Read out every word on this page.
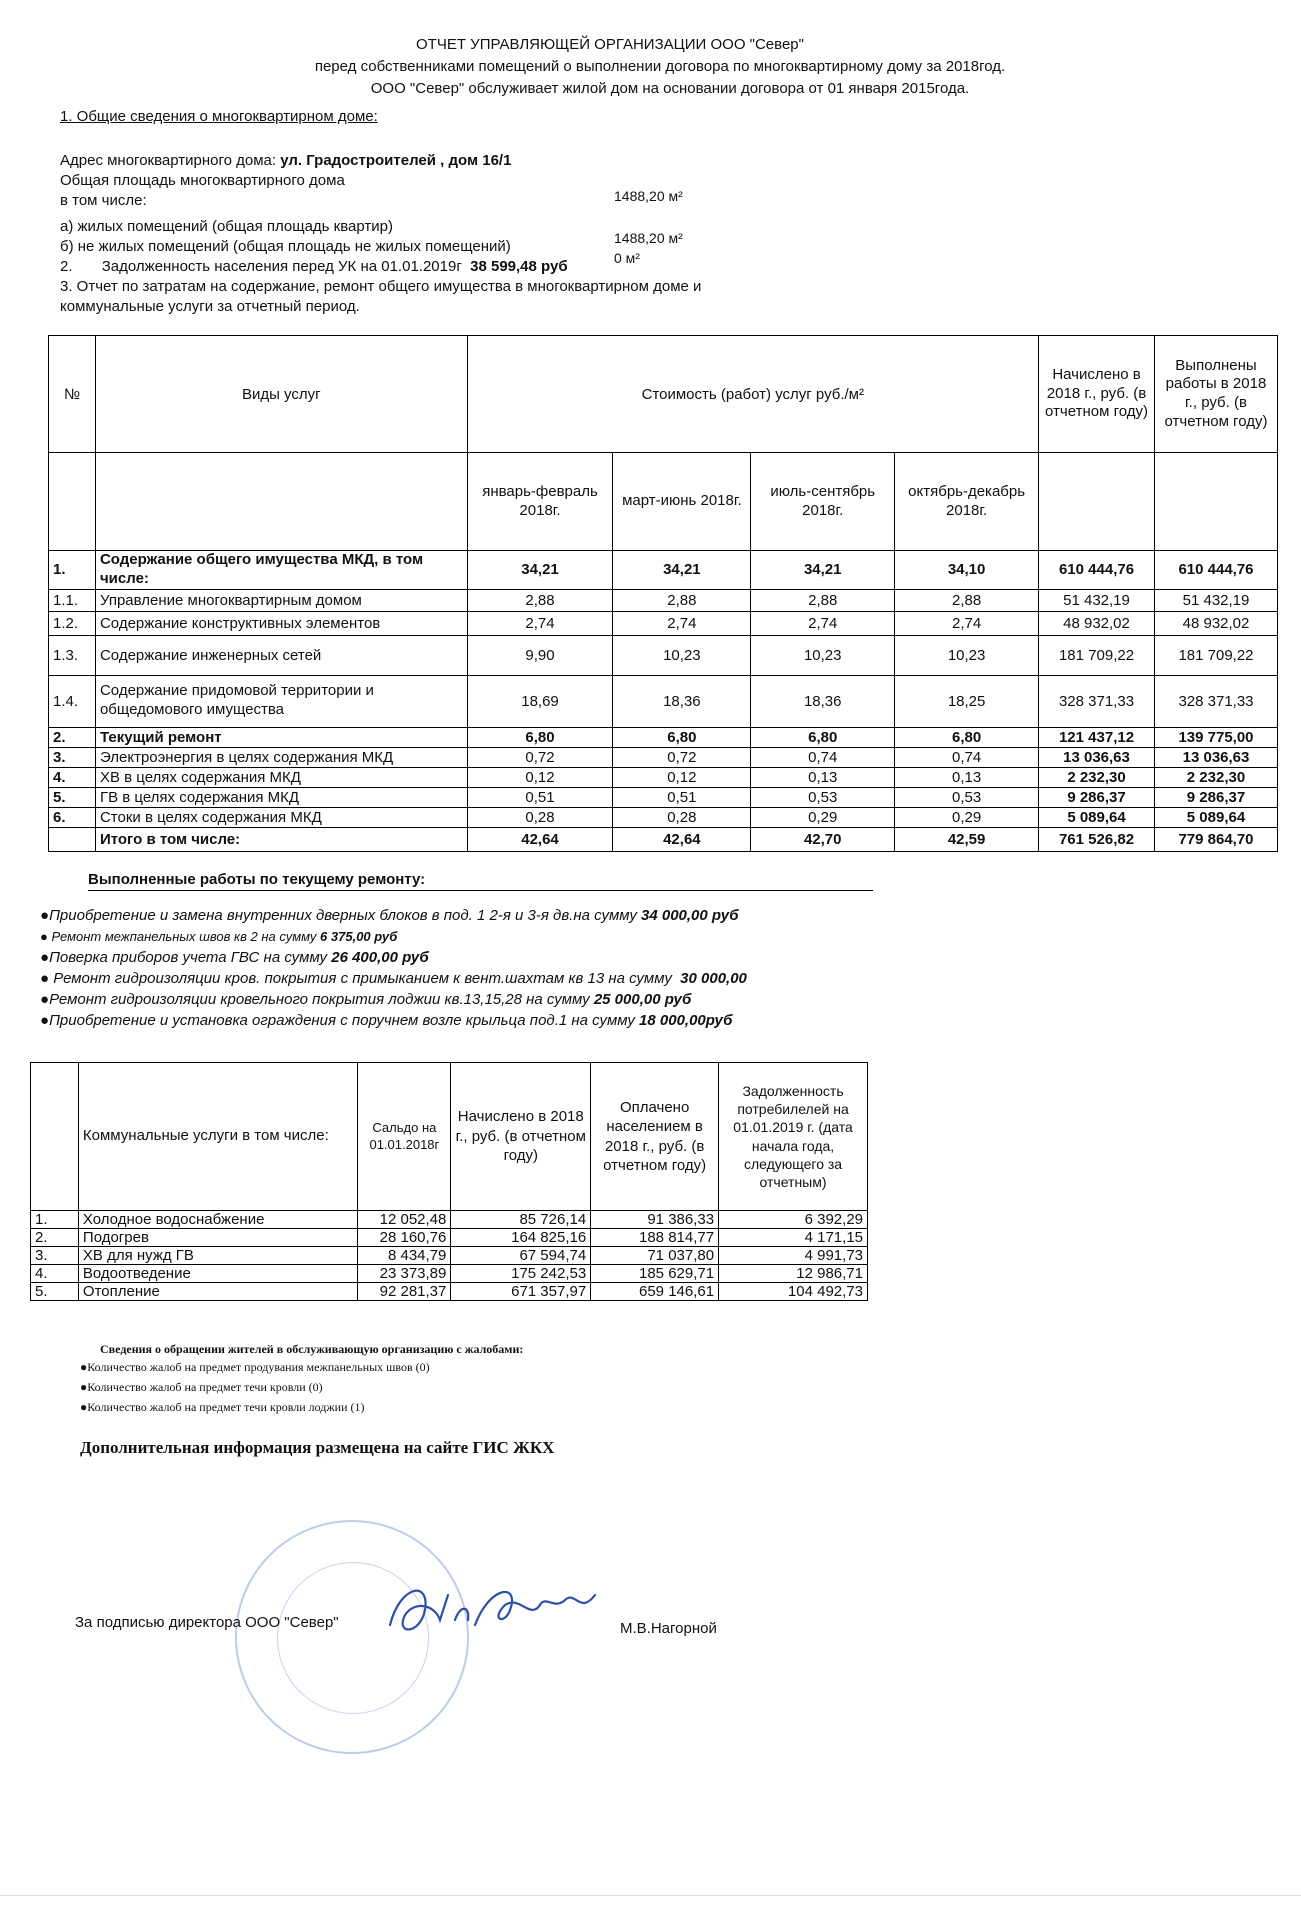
ОТЧЕТ УПРАВЛЯЮЩЕЙ ОРГАНИЗАЦИИ ООО "Север"
перед собственниками помещений о выполнении договора по многоквартирному дому за 2018год.
ООО "Север" обслуживает жилой дом на основании договора от 01 января 2015года.
1. Общие сведения о многоквартирном доме:
Адрес многоквартирного дома: ул. Градостроителей , дом 16/1
Общая площадь многоквартирного дома
в том числе:	1488,20 м²
а) жилых помещений (общая площадь квартир)
1488,20 м²
б) не жилых помещений (общая площадь не жилых помещений)
0 м²
2. Задолженность населения перед УК на 01.01.2019г 38 599,48 руб
3. Отчет по затратам на содержание, ремонт общего имущества в многоквартирном доме и
коммунальные услуги за отчетный период.
№	Виды услуг	Стоимость (работ) услуг руб./м²				Начислено в 2018 г., руб. (в отчетном году)	Выполнены работы в 2018 г., руб. (в отчетном году)
		январь-февраль 2018г.	март-июнь 2018г.	июль-сентябрь 2018г.	октябрь-декабрь 2018г.		
1.	Содержание общего имущества МКД, в том числе:	34,21	34,21	34,21	34,10	610 444,76	610 444,76
1.1.	Управление многоквартирным домом	2,88	2,88	2,88	2,88	51 432,19	51 432,19
1.2.	Содержание конструктивных элементов	2,74	2,74	2,74	2,74	48 932,02	48 932,02
1.3.	Содержание инженерных сетей	9,90	10,23	10,23	10,23	181 709,22	181 709,22
1.4.	Содержание придомовой территории и общедомового имущества	18,69	18,36	18,36	18,25	328 371,33	328 371,33
2.	Текущий ремонт	6,80	6,80	6,80	6,80	121 437,12	139 775,00
3.	Электроэнергия в целях содержания МКД	0,72	0,72	0,74	0,74	13 036,63	13 036,63
4.	ХВ в целях содержания МКД	0,12	0,12	0,13	0,13	2 232,30	2 232,30
5.	ГВ в целях содержания МКД	0,51	0,51	0,53	0,53	9 286,37	9 286,37
6.	Стоки в целях содержания МКД	0,28	0,28	0,29	0,29	5 089,64	5 089,64
	Итого в том числе:	42,64	42,64	42,70	42,59	761 526,82	779 864,70
Выполненные работы по текущему ремонту:
●Приобретение и замена внутренних дверных блоков в под. 1 2-я и 3-я дв.на сумму 34 000,00 руб
● Ремонт межпанельных швов кв 2 на сумму 6 375,00 руб
●Поверка приборов учета ГВС на сумму 26 400,00 руб
● Ремонт гидроизоляции кров. покрытия с примыканием к вент.шахтам кв 13 на сумму 30 000,00
●Ремонт гидроизоляции кровельного покрытия лоджии кв.13,15,28 на сумму 25 000,00 руб
●Приобретение и установка ограждения с поручнем возле крыльца под.1 на сумму 18 000,00руб
	Коммунальные услуги в том числе:	Сальдо на 01.01.2018г	Начислено в 2018 г., руб. (в отчетном году)	Оплачено населением в 2018 г., руб. (в отчетном году)	Задолженность потребилелей на 01.01.2019 г. (дата начала года, следующего за отчетным)
1.	Холодное водоснабжение	12 052,48	85 726,14	91 386,33	6 392,29
2.	Подогрев	28 160,76	164 825,16	188 814,77	4 171,15
3.	ХВ для нужд ГВ	8 434,79	67 594,74	71 037,80	4 991,73
4.	Водоотведение	23 373,89	175 242,53	185 629,71	12 986,71
5.	Отопление	92 281,37	671 357,97	659 146,61	104 492,73
Сведения о обращении жителей в обслуживающую организацию с жалобами:
●Количество жалоб на предмет продувания межпанельных швов (0)
●Количество жалоб на предмет течи кровли (0)
●Количество жалоб на предмет течи кровли лоджии (1)
Дополнительная информация размещена на сайте ГИС ЖКХ
За подписью директора ООО "Север"	М.В.Нагорной
